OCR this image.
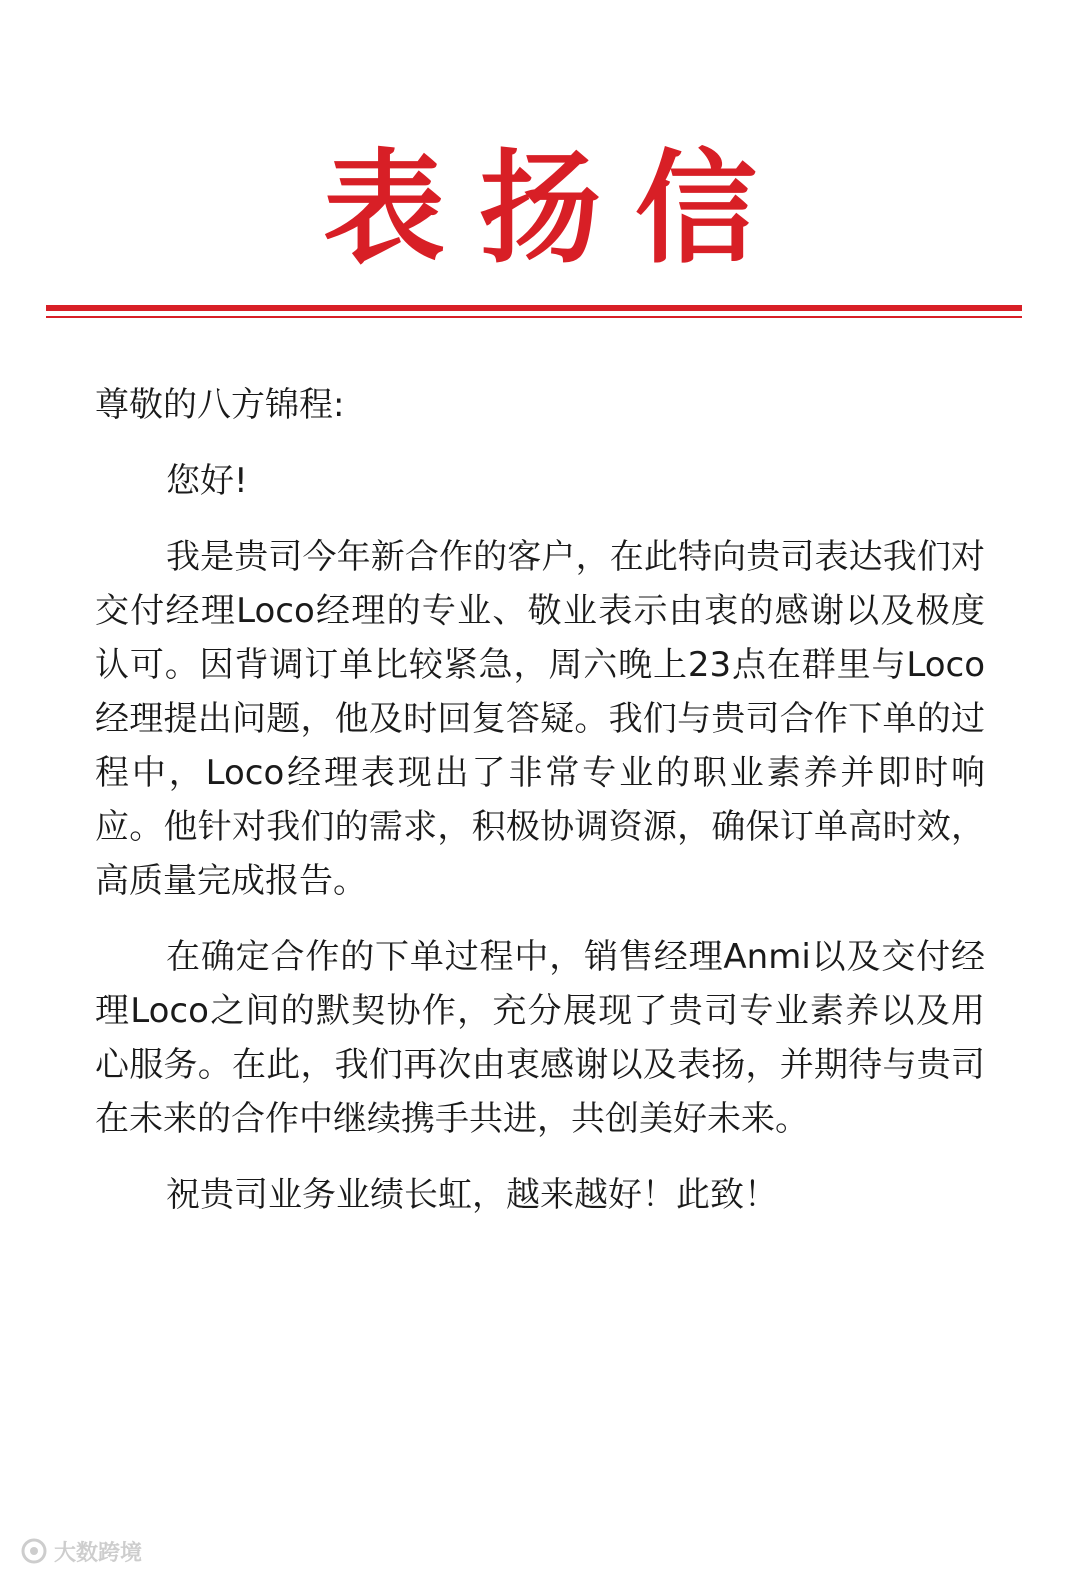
表扬信
尊敬的八方锦程:
您好!
我是贵司今年新合作的客户，在此特向贵司表达我们对交付经理Loco经理的专业、敬业表示由衷的感谢以及极度认可。因背调订单比较紧急，周六晚上23点在群里与Loco经理提出问题，他及时回复答疑。我们与贵司合作下单的过程中，Loco经理表现出了非常专业的职业素养并即时响应。他针对我们的需求，积极协调资源，确保订单高时效，高质量完成报告。
在确定合作的下单过程中，销售经理Anmi以及交付经理Loco之间的默契协作，充分展现了贵司专业素养以及用心服务。在此，我们再次由衷感谢以及表扬，并期待与贵司在未来的合作中继续携手共进，共创美好未来。
祝贵司业务业绩长虹，越来越好！此致！
大数跨境
